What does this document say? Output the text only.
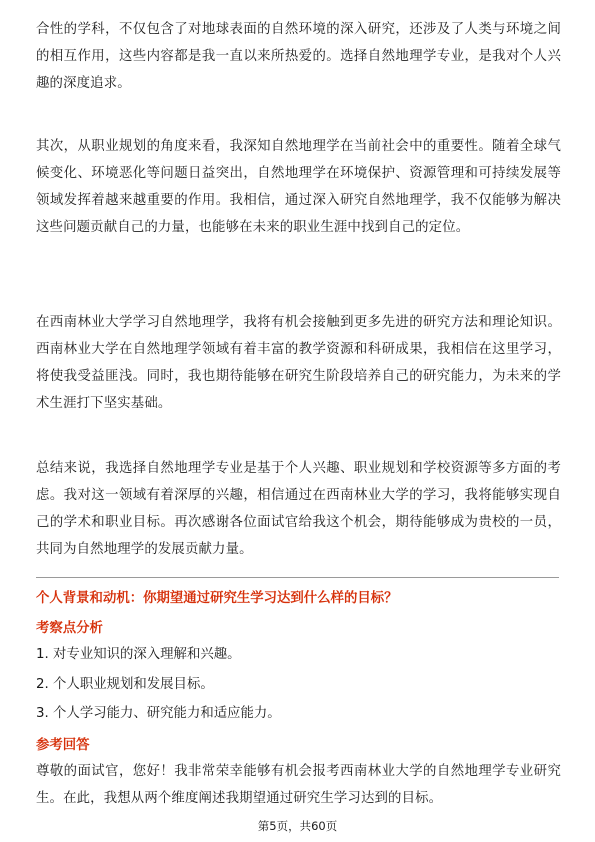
合性的学科，不仅包含了对地球表面的自然环境的深入研究，还涉及了人类与环境之间的相互作用，这些内容都是我一直以来所热爱的。选择自然地理学专业，是我对个人兴趣的深度追求。

其次，从职业规划的角度来看，我深知自然地理学在当前社会中的重要性。随着全球气候变化、环境恶化等问题日益突出，自然地理学在环境保护、资源管理和可持续发展等领域发挥着越来越重要的作用。我相信，通过深入研究自然地理学，我不仅能够为解决这些问题贡献自己的力量，也能够在未来的职业生涯中找到自己的定位。

在西南林业大学学习自然地理学，我将有机会接触到更多先进的研究方法和理论知识。西南林业大学在自然地理学领域有着丰富的教学资源和科研成果，我相信在这里学习，将使我受益匪浅。同时，我也期待能够在研究生阶段培养自己的研究能力，为未来的学术生涯打下坚实基础。

总结来说，我选择自然地理学专业是基于个人兴趣、职业规划和学校资源等多方面的考虑。我对这一领域有着深厚的兴趣，相信通过在西南林业大学的学习，我将能够实现自己的学术和职业目标。再次感谢各位面试官给我这个机会，期待能够成为贵校的一员，共同为自然地理学的发展贡献力量。

个人背景和动机：你期望通过研究生学习达到什么样的目标？

考察点分析

1. 对专业知识的深入理解和兴趣。

2. 个人职业规划和发展目标。

3. 个人学习能力、研究能力和适应能力。

参考回答

尊敬的面试官，您好！我非常荣幸能够有机会报考西南林业大学的自然地理学专业研究生。在此，我想从两个维度阐述我期望通过研究生学习达到的目标。

第5页，共60页
